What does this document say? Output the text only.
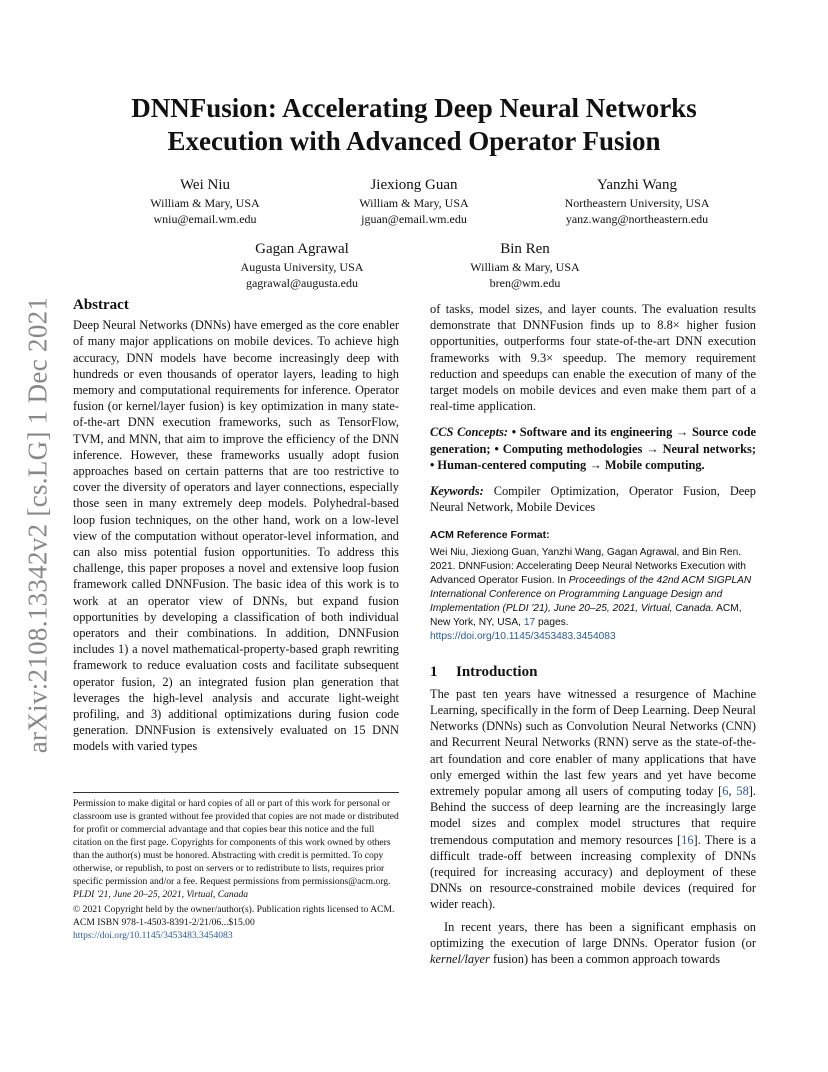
arXiv:2108.13342v2 [cs.LG] 1 Dec 2021
DNNFusion: Accelerating Deep Neural Networks
Execution with Advanced Operator Fusion
Wei Niu
William & Mary, USA
wniu@email.wm.edu
Jiexiong Guan
William & Mary, USA
jguan@email.wm.edu
Yanzhi Wang
Northeastern University, USA
yanz.wang@northeastern.edu
Gagan Agrawal
Augusta University, USA
gagrawal@augusta.edu
Bin Ren
William & Mary, USA
bren@wm.edu
Abstract

Deep Neural Networks (DNNs) have emerged as the core enabler of many major applications on mobile devices. To achieve high accuracy, DNN models have become increasingly deep with hundreds or even thousands of operator layers, leading to high memory and computational requirements for inference. Operator fusion (or kernel/layer fusion) is key optimization in many state-of-the-art DNN execution frameworks, such as TensorFlow, TVM, and MNN, that aim to improve the efficiency of the DNN inference. However, these frameworks usually adopt fusion approaches based on certain patterns that are too restrictive to cover the diversity of operators and layer connections, especially those seen in many extremely deep models. Polyhedral-based loop fusion techniques, on the other hand, work on a low-level view of the computation without operator-level information, and can also miss potential fusion opportunities. To address this challenge, this paper proposes a novel and extensive loop fusion framework called DNNFusion. The basic idea of this work is to work at an operator view of DNNs, but expand fusion opportunities by developing a classification of both individual operators and their combinations. In addition, DNNFusion includes 1) a novel mathematical-property-based graph rewriting framework to reduce evaluation costs and facilitate subsequent operator fusion, 2) an integrated fusion plan generation that leverages the high-level analysis and accurate light-weight profiling, and 3) additional optimizations during fusion code generation. DNNFusion is extensively evaluated on 15 DNN models with varied types

Permission to make digital or hard copies of all or part of this work for personal or classroom use is granted without fee provided that copies are not made or distributed for profit or commercial advantage and that copies bear this notice and the full citation on the first page. Copyrights for components of this work owned by others than the author(s) must be honored. Abstracting with credit is permitted. To copy otherwise, or republish, to post on servers or to redistribute to lists, requires prior specific permission and/or a fee. Request permissions from permissions@acm.org.
PLDI '21, June 20–25, 2021, Virtual, Canada
© 2021 Copyright held by the owner/author(s). Publication rights licensed to ACM.
ACM ISBN 978-1-4503-8391-2/21/06...$15.00
https://doi.org/10.1145/3453483.3454083

of tasks, model sizes, and layer counts. The evaluation results demonstrate that DNNFusion finds up to 8.8× higher fusion opportunities, outperforms four state-of-the-art DNN execution frameworks with 9.3× speedup. The memory requirement reduction and speedups can enable the execution of many of the target models on mobile devices and even make them part of a real-time application.

CCS Concepts: • Software and its engineering → Source code generation; • Computing methodologies → Neural networks; • Human-centered computing → Mobile computing.

Keywords: Compiler Optimization, Operator Fusion, Deep Neural Network, Mobile Devices

ACM Reference Format:
Wei Niu, Jiexiong Guan, Yanzhi Wang, Gagan Agrawal, and Bin Ren. 2021. DNNFusion: Accelerating Deep Neural Networks Execution with Advanced Operator Fusion. In Proceedings of the 42nd ACM SIGPLAN International Conference on Programming Language Design and Implementation (PLDI '21), June 20–25, 2021, Virtual, Canada. ACM, New York, NY, USA, 17 pages. https://doi.org/10.1145/3453483.3454083
1 Introduction

The past ten years have witnessed a resurgence of Machine Learning, specifically in the form of Deep Learning. Deep Neural Networks (DNNs) such as Convolution Neural Networks (CNN) and Recurrent Neural Networks (RNN) serve as the state-of-the-art foundation and core enabler of many applications that have only emerged within the last few years and yet have become extremely popular among all users of computing today [6, 58]. Behind the success of deep learning are the increasingly large model sizes and complex model structures that require tremendous computation and memory resources [16]. There is a difficult trade-off between increasing complexity of DNNs (required for increasing accuracy) and deployment of these DNNs on resource-constrained mobile devices (required for wider reach).

In recent years, there has been a significant emphasis on optimizing the execution of large DNNs. Operator fusion (or kernel/layer fusion) has been a common approach towards
